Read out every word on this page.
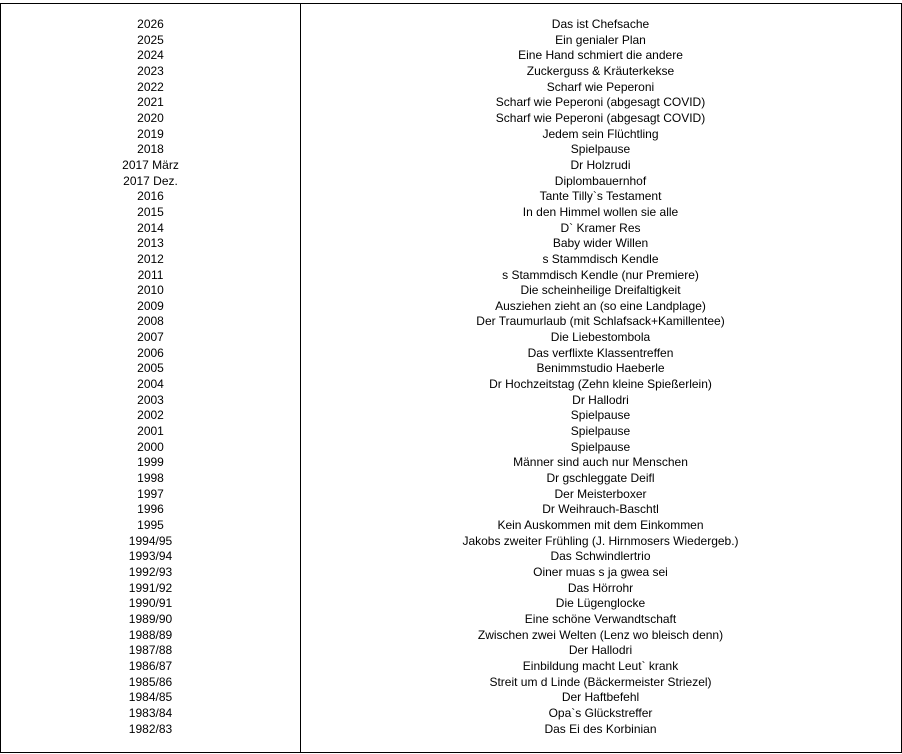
2026	Das ist Chefsache
2025	Ein genialer Plan
2024	Eine Hand schmiert die andere
2023	Zuckerguss & Kräuterkekse
2022	Scharf wie Peperoni
2021	Scharf wie Peperoni (abgesagt COVID)
2020	Scharf wie Peperoni (abgesagt COVID)
2019	Jedem sein Flüchtling
2018	Spielpause
2017 März	Dr Holzrudi
2017 Dez.	Diplombauernhof
2016	Tante Tilly`s Testament
2015	In den Himmel wollen sie alle
2014	D` Kramer Res
2013	Baby wider Willen
2012	s Stammdisch Kendle
2011	s Stammdisch Kendle (nur Premiere)
2010	Die scheinheilige Dreifaltigkeit
2009	Ausziehen zieht an (so eine Landplage)
2008	Der Traumurlaub (mit Schlafsack+Kamillentee)
2007	Die Liebestombola
2006	Das verflixte Klassentreffen
2005	Benimmstudio Haeberle
2004	Dr Hochzeitstag (Zehn kleine Spießerlein)
2003	Dr Hallodri
2002	Spielpause
2001	Spielpause
2000	Spielpause
1999	Männer sind auch nur Menschen
1998	Dr gschleggate Deifl
1997	Der Meisterboxer
1996	Dr Weihrauch-Baschtl
1995	Kein Auskommen mit dem Einkommen
1994/95	Jakobs zweiter Frühling (J. Hirnmosers Wiedergeb.)
1993/94	Das Schwindlertrio
1992/93	Oiner muas s ja gwea sei
1991/92	Das Hörrohr
1990/91	Die Lügenglocke
1989/90	Eine schöne Verwandtschaft
1988/89	Zwischen zwei Welten (Lenz wo bleisch denn)
1987/88	Der Hallodri
1986/87	Einbildung macht Leut` krank
1985/86	Streit um d Linde (Bäckermeister Striezel)
1984/85	Der Haftbefehl
1983/84	Opa`s Glückstreffer
1982/83	Das Ei des Korbinian
